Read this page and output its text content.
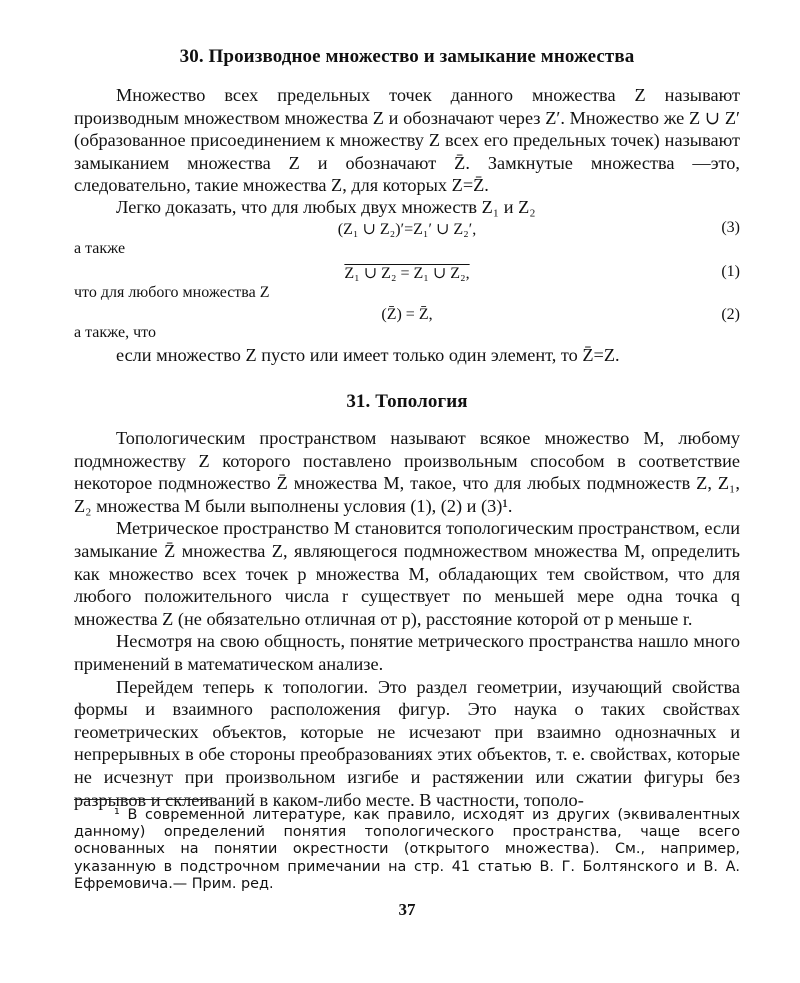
30. Производное множество и замыкание множества

Множество всех предельных точек данного множества Z называют производным множеством множества Z и обозначают через Z′. Множество же Z ∪ Z′ (образованное присоединением к множеству Z всех его предельных точек) называют замыканием множества Z и обозначают Z̄. Замкнутые множества —это, следовательно, такие множества Z, для которых Z=Z̄.

Легко доказать, что для любых двух множеств Z₁ и Z₂
(Z₁ ∪ Z₂)′=Z₁′ ∪ Z₂′,	(3)
а также
Z₁ ∪ Z₂ = Z₁ ∪ Z₂,	(1)
что для любого множества Z
(Z̄) = Z̄,	(2)
а также, что
если множество Z пусто или имеет только один элемент, то Z̄=Z.
31. Топология

Топологическим пространством называют всякое множество M, любому подмножеству Z которого поставлено произвольным способом в соответствие некоторое подмножество Z̄ множества M, такое, что для любых подмножеств Z, Z₁, Z₂ множества M были выполнены условия (1), (2) и (3)¹.

Метрическое пространство M становится топологическим пространством, если замыкание Z̄ множества Z, являющегося подмножеством множества M, определить как множество всех точек p множества M, обладающих тем свойством, что для любого положительного числа r существует по меньшей мере одна точка q множества Z (не обязательно отличная от p), расстояние которой от p меньше r.

Несмотря на свою общность, понятие метрического пространства нашло много применений в математическом анализе.

Перейдем теперь к топологии. Это раздел геометрии, изучающий свойства формы и взаимного расположения фигур. Это наука о таких свойствах геометрических объектов, которые не исчезают при взаимно однозначных и непрерывных в обе стороны преобразованиях этих объектов, т. е. свойствах, которые не исчезнут при произвольном изгибе и растяжении или сжатии фигуры без разрывов и склеиваний в каком-либо месте. В частности, тополо-

¹ В современной литературе, как правило, исходят из других (эквивалентных данному) определений понятия топологического пространства, чаще всего основанных на понятии окрестности (открытого множества). См., например, указанную в подстрочном примечании на стр. 41 статью В. Г. Болтянского и В. А. Ефремовича.— Прим. ред.

37
